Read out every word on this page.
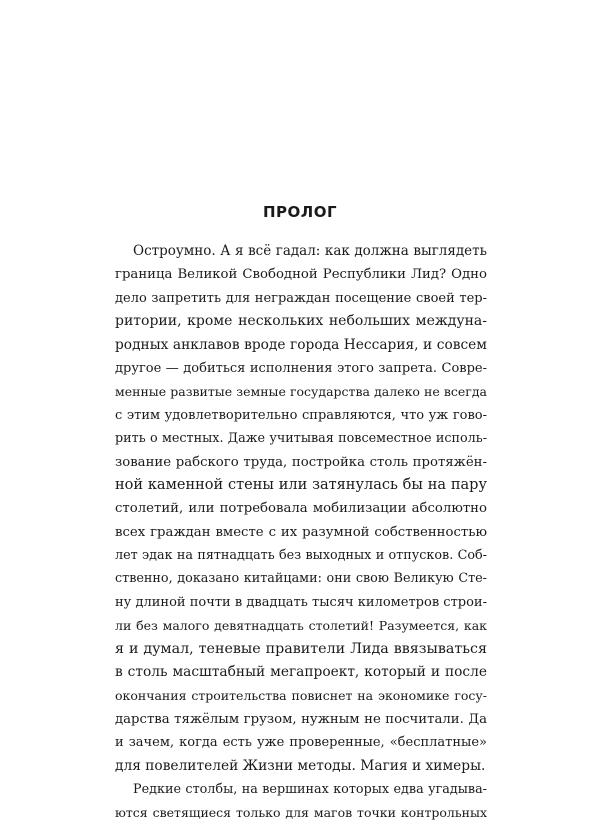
ПРОЛОГ
Остроумно. А я всё гадал: как должна выглядеть
граница Великой Свободной Республики Лид? Одно
дело запретить для неграждан посещение своей тер-
ритории, кроме нескольких небольших междуна-
родных анклавов вроде города Нессария, и совсем
другое — добиться исполнения этого запрета. Совре-
менные развитые земные государства далеко не всегда
с этим удовлетворительно справляются, что уж гово-
рить о местных. Даже учитывая повсеместное исполь-
зование рабского труда, постройка столь протяжён-
ной каменной стены или затянулась бы на пару
столетий, или потребовала мобилизации абсолютно
всех граждан вместе с их разумной собственностью
лет эдак на пятнадцать без выходных и отпусков. Соб-
ственно, доказано китайцами: они свою Великую Сте-
ну длиной почти в двадцать тысяч километров строи-
ли без малого девятнадцать столетий! Разумеется, как
я и думал, теневые правители Лида ввязываться
в столь масштабный мегапроект, который и после
окончания строительства повиснет на экономике госу-
дарства тяжёлым грузом, нужным не посчитали. Да
и зачем, когда есть уже проверенные, «бесплатные»
для повелителей Жизни методы. Магия и химеры.
Редкие столбы, на вершинах которых едва угадыва-
ются светящиеся только для магов точки контрольных
